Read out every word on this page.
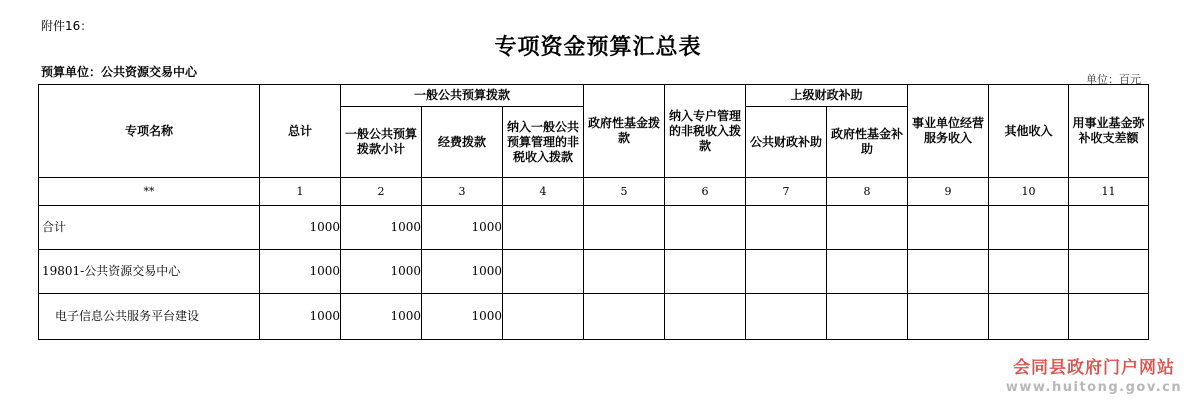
附件16：
专项资金预算汇总表
预算单位：公共资源交易中心
单位：百元
专项名称	总计	一般公共预算拨款			政府性基金拨款	纳入专户管理的非税收入拨款	上级财政补助		事业单位经营服务收入	其他收入	用事业基金弥补收支差额
		一般公共预算拨款小计	经费拨款	纳入一般公共预算管理的非税收入拨款			公共财政补助	政府性基金补助			
**	1	2	3	4	5	6	7	8	9	10	11
合计	1000	1000	1000								
19801-公共资源交易中心	1000	1000	1000								
电子信息公共服务平台建设	1000	1000	1000								
会同县政府门户网站
www.huitong.gov.cn
